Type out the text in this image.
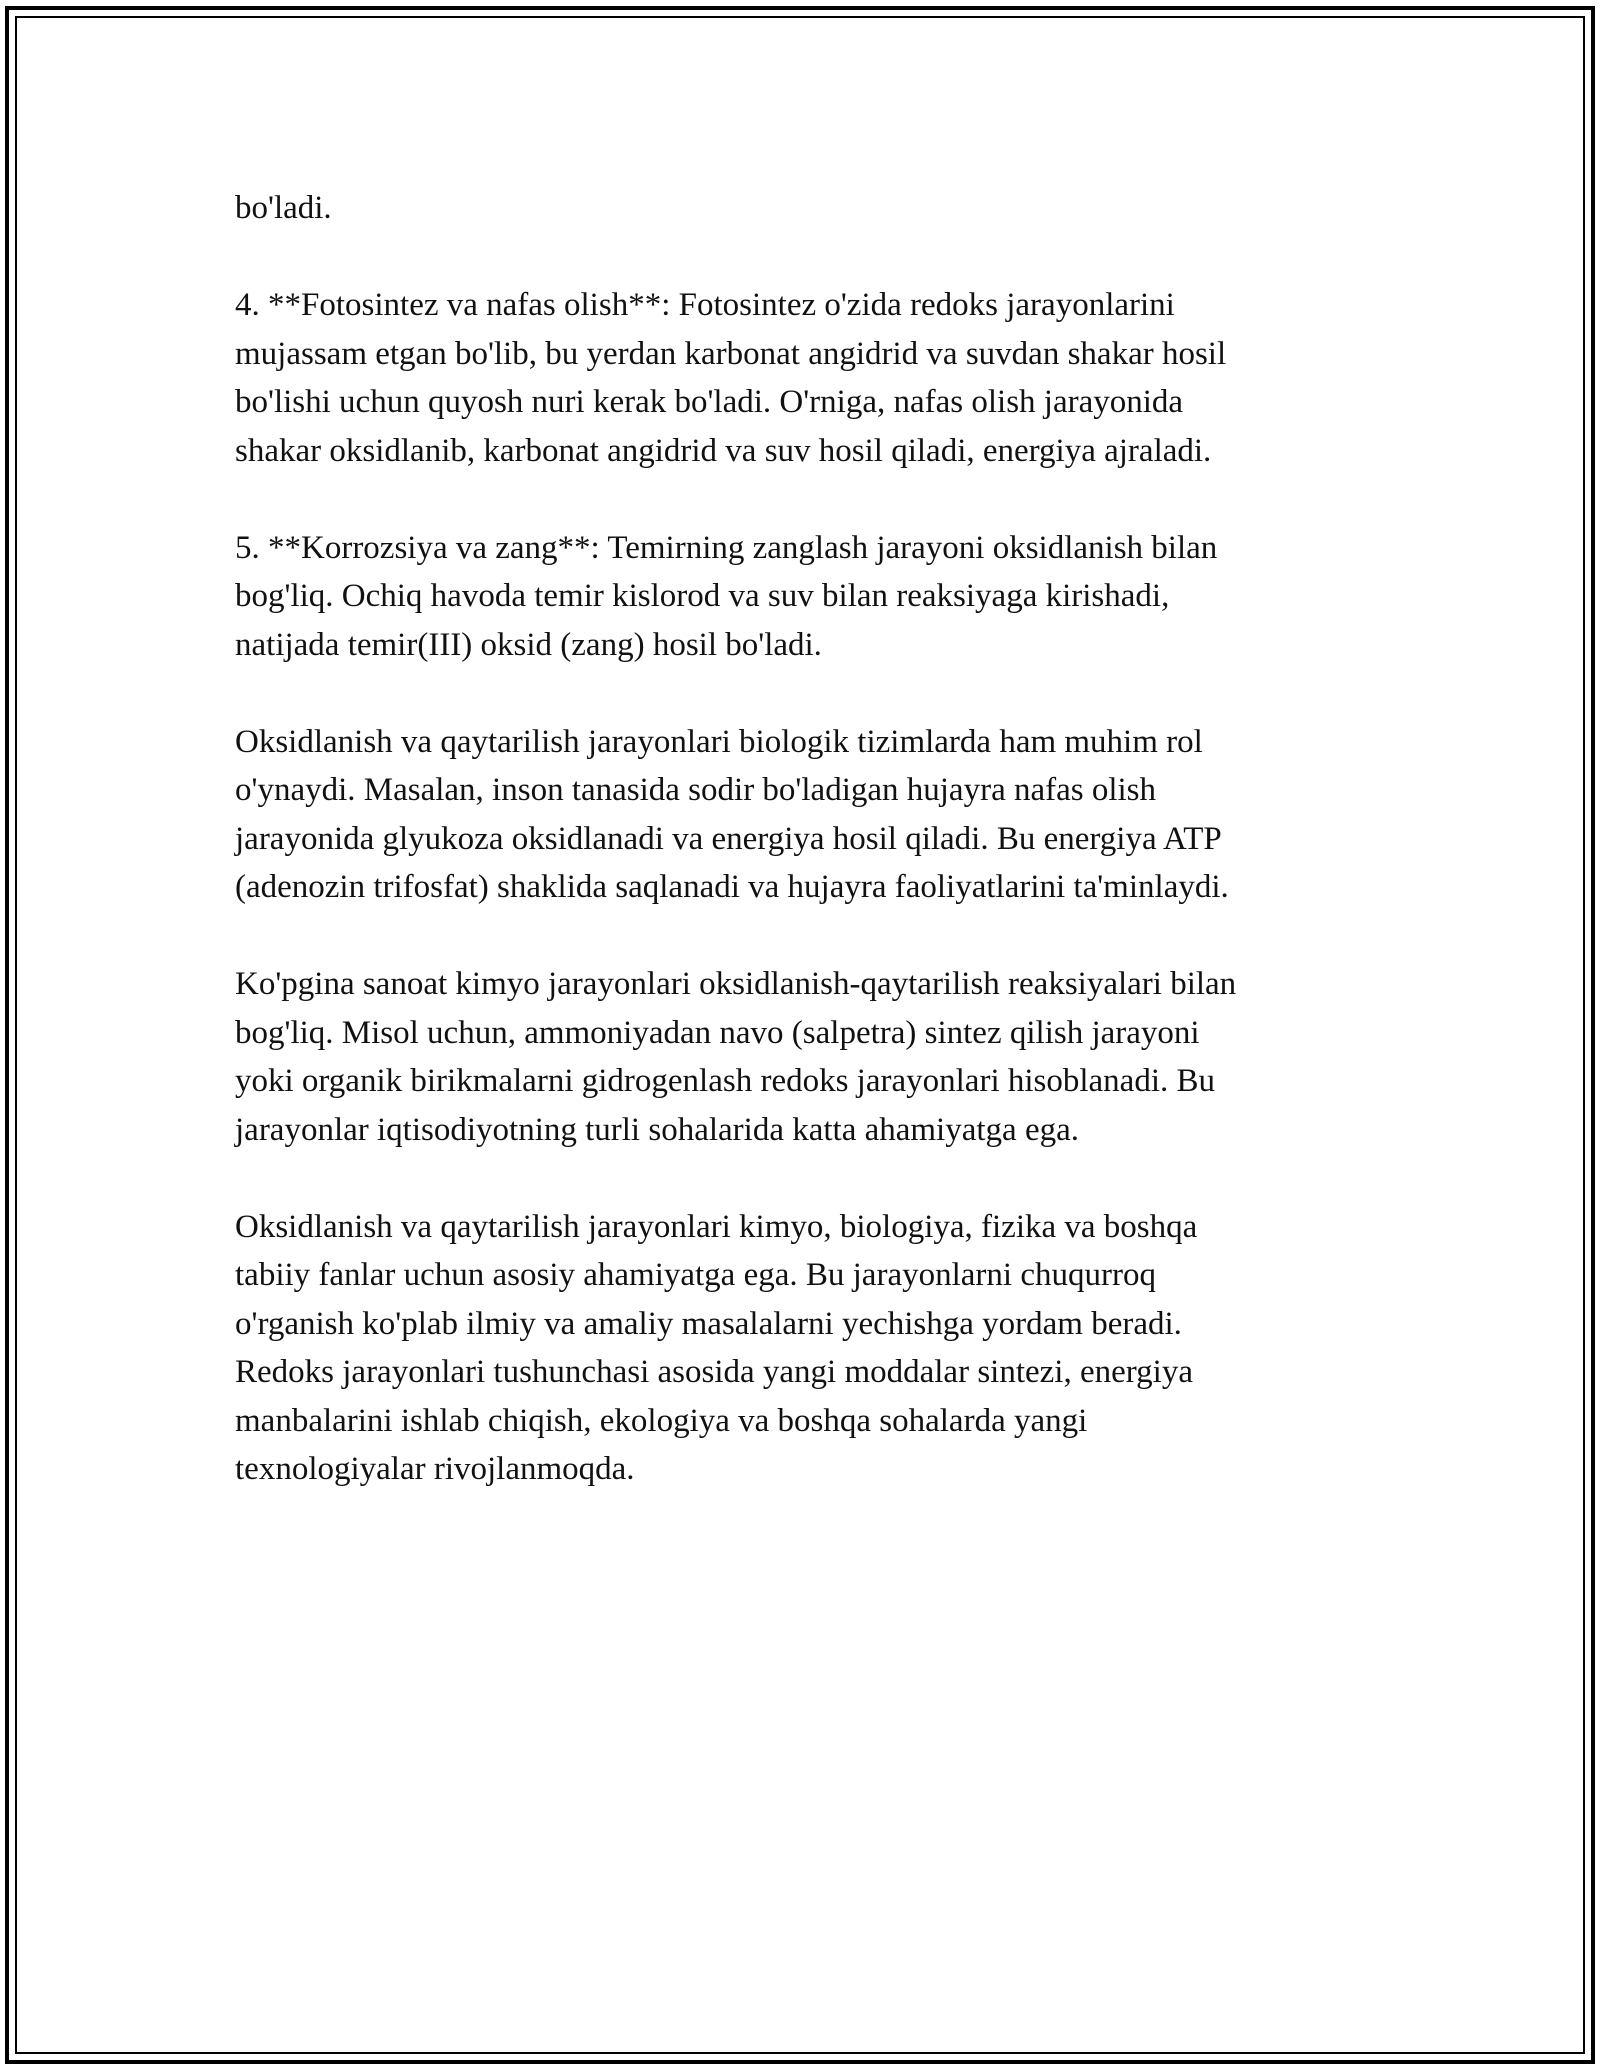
bo'ladi.

4. **Fotosintez va nafas olish**: Fotosintez o'zida redoks jarayonlarini
mujassam etgan bo'lib, bu yerdan karbonat angidrid va suvdan shakar hosil
bo'lishi uchun quyosh nuri kerak bo'ladi. O'rniga, nafas olish jarayonida
shakar oksidlanib, karbonat angidrid va suv hosil qiladi, energiya ajraladi.

5. **Korrozsiya va zang**: Temirning zanglash jarayoni oksidlanish bilan
bog'liq. Ochiq havoda temir kislorod va suv bilan reaksiyaga kirishadi,
natijada temir(III) oksid (zang) hosil bo'ladi.

Oksidlanish va qaytarilish jarayonlari biologik tizimlarda ham muhim rol
o'ynaydi. Masalan, inson tanasida sodir bo'ladigan hujayra nafas olish
jarayonida glyukoza oksidlanadi va energiya hosil qiladi. Bu energiya ATP
(adenozin trifosfat) shaklida saqlanadi va hujayra faoliyatlarini ta'minlaydi.

Ko'pgina sanoat kimyo jarayonlari oksidlanish-qaytarilish reaksiyalari bilan
bog'liq. Misol uchun, ammoniyadan navo (salpetra) sintez qilish jarayoni
yoki organik birikmalarni gidrogenlash redoks jarayonlari hisoblanadi. Bu
jarayonlar iqtisodiyotning turli sohalarida katta ahamiyatga ega.

Oksidlanish va qaytarilish jarayonlari kimyo, biologiya, fizika va boshqa
tabiiy fanlar uchun asosiy ahamiyatga ega. Bu jarayonlarni chuqurroq
o'rganish ko'plab ilmiy va amaliy masalalarni yechishga yordam beradi.
Redoks jarayonlari tushunchasi asosida yangi moddalar sintezi, energiya
manbalarini ishlab chiqish, ekologiya va boshqa sohalarda yangi
texnologiyalar rivojlanmoqda.
